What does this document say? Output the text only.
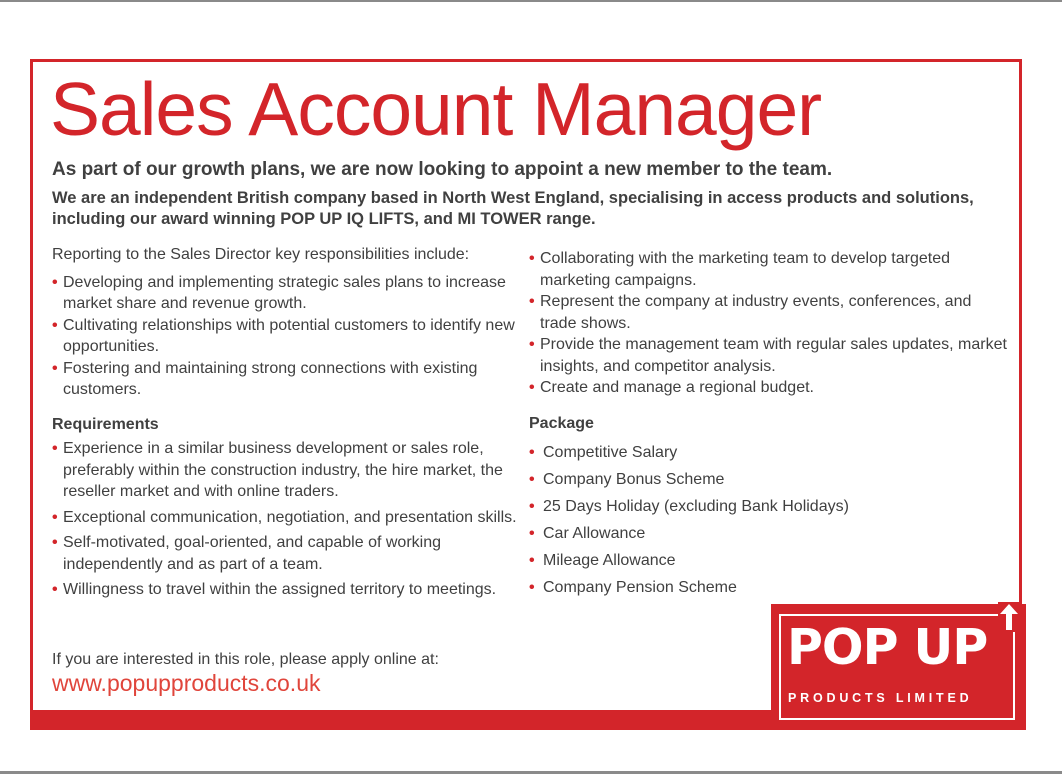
Sales Account Manager
As part of our growth plans, we are now looking to appoint a new member to the team.
We are an independent British company based in North West England, specialising in access products and solutions, including our award winning POP UP IQ LIFTS, and MI TOWER range.

Reporting to the Sales Director key responsibilities include:

• Developing and implementing strategic sales plans to increase market share and revenue growth.
• Cultivating relationships with potential customers to identify new opportunities.
• Fostering and maintaining strong connections with existing customers.
Requirements
• Experience in a similar business development or sales role, preferably within the construction industry, the hire market, the reseller market and with online traders.
• Exceptional communication, negotiation, and presentation skills.
• Self-motivated, goal-oriented, and capable of working independently and as part of a team.
• Willingness to travel within the assigned territory to meetings.
• Collaborating with the marketing team to develop targeted marketing campaigns.
• Represent the company at industry events, conferences, and trade shows.
• Provide the management team with regular sales updates, market insights, and competitor analysis.
• Create and manage a regional budget.
Package
• Competitive Salary
• Company Bonus Scheme
• 25 Days Holiday (excluding Bank Holidays)
• Car Allowance
• Mileage Allowance
• Company Pension Scheme
If you are interested in this role, please apply online at:
www.popupproducts.co.uk
POP UP
PRODUCTS LIMITED
